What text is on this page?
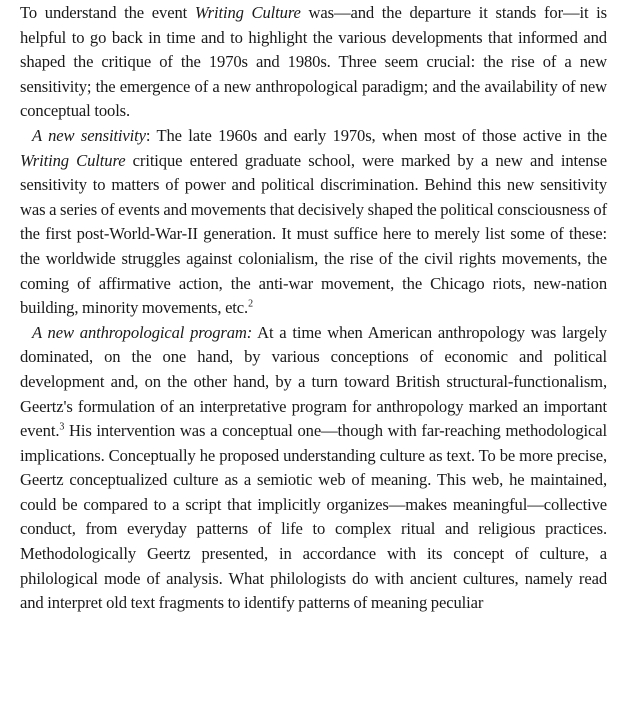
To understand the event Writing Culture was—and the departure it stands for—it is helpful to go back in time and to highlight the various developments that informed and shaped the critique of the 1970s and 1980s. Three seem crucial: the rise of a new sensitivity; the emergence of a new anthropological paradigm; and the availability of new conceptual tools.

A new sensitivity: The late 1960s and early 1970s, when most of those active in the Writing Culture critique entered graduate school, were marked by a new and intense sensitivity to matters of power and political discrimination. Behind this new sensitivity was a series of events and movements that decisively shaped the political consciousness of the first post-World-War-II generation. It must suffice here to merely list some of these: the worldwide struggles against colonialism, the rise of the civil rights movements, the coming of affirmative action, the anti-war movement, the Chicago riots, new-nation building, minority movements, etc.$^2$

A new anthropological program: At a time when American anthropology was largely dominated, on the one hand, by various conceptions of economic and political development and, on the other hand, by a turn toward British structural-functionalism, Geertz's formulation of an interpretative program for anthropology marked an important event.$^3$ His intervention was a conceptual one—though with far-reaching methodological implications. Conceptually he proposed understanding culture as text. To be more precise, Geertz conceptualized culture as a semiotic web of meaning. This web, he maintained, could be compared to a script that implicitly organizes—makes meaningful—collective conduct, from everyday patterns of life to complex ritual and religious practices. Methodologically Geertz presented, in accordance with its concept of culture, a philological mode of analysis. What philologists do with ancient cultures, namely read and interpret old text fragments to identify patterns of meaning peculiar
